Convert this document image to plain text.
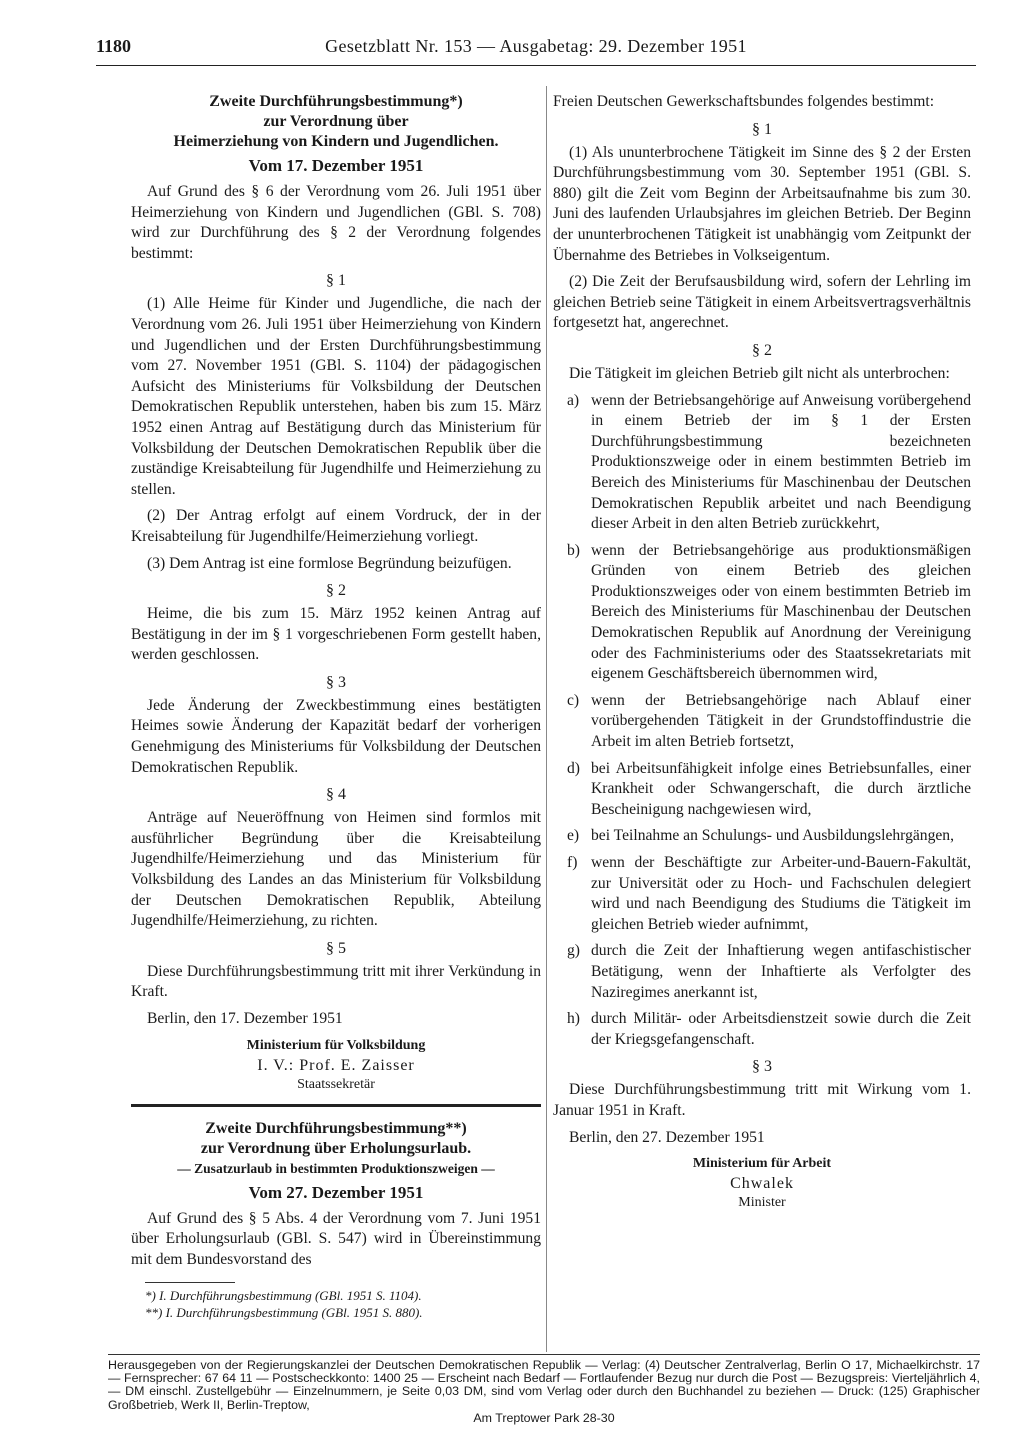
1180	Gesetzblatt Nr. 153 — Ausgabetag: 29. Dezember 1951
Zweite Durchführungsbestimmung*)
zur Verordnung über
Heimerziehung von Kindern und Jugendlichen.
Vom 17. Dezember 1951

Auf Grund des § 6 der Verordnung vom 26. Juli 1951 über Heimerziehung von Kindern und Jugendlichen (GBl. S. 708) wird zur Durchführung des § 2 der Verordnung folgendes bestimmt:

§ 1

(1) Alle Heime für Kinder und Jugendliche, die nach der Verordnung vom 26. Juli 1951 über Heimerziehung von Kindern und Jugendlichen und der Ersten Durchführungsbestimmung vom 27. November 1951 (GBl. S. 1104) der pädagogischen Aufsicht des Ministeriums für Volksbildung der Deutschen Demokratischen Republik unterstehen, haben bis zum 15. März 1952 einen Antrag auf Bestätigung durch das Ministerium für Volksbildung der Deutschen Demokratischen Republik über die zuständige Kreisabteilung für Jugendhilfe und Heimerziehung zu stellen.

(2) Der Antrag erfolgt auf einem Vordruck, der in der Kreisabteilung für Jugendhilfe/Heimerziehung vorliegt.

(3) Dem Antrag ist eine formlose Begründung beizufügen.

§ 2

Heime, die bis zum 15. März 1952 keinen Antrag auf Bestätigung in der im § 1 vorgeschriebenen Form gestellt haben, werden geschlossen.

§ 3

Jede Änderung der Zweckbestimmung eines bestätigten Heimes sowie Änderung der Kapazität bedarf der vorherigen Genehmigung des Ministeriums für Volksbildung der Deutschen Demokratischen Republik.

§ 4

Anträge auf Neueröffnung von Heimen sind formlos mit ausführlicher Begründung über die Kreisabteilung Jugendhilfe/Heimerziehung und das Ministerium für Volksbildung des Landes an das Ministerium für Volksbildung der Deutschen Demokratischen Republik, Abteilung Jugendhilfe/Heimerziehung, zu richten.

§ 5

Diese Durchführungsbestimmung tritt mit ihrer Verkündung in Kraft.

Berlin, den 17. Dezember 1951

Ministerium für Volksbildung
I. V.: Prof. E. Zaisser
Staatssekretär
Zweite Durchführungsbestimmung**)
zur Verordnung über Erholungsurlaub.
— Zusatzurlaub in bestimmten Produktionszweigen —
Vom 27. Dezember 1951

Auf Grund des § 5 Abs. 4 der Verordnung vom 7. Juni 1951 über Erholungsurlaub (GBl. S. 547) wird in Übereinstimmung mit dem Bundesvorstand des

*) I. Durchführungsbestimmung (GBl. 1951 S. 1104).
**) I. Durchführungsbestimmung (GBl. 1951 S. 880).

Freien Deutschen Gewerkschaftsbundes folgendes bestimmt:

§ 1

(1) Als ununterbrochene Tätigkeit im Sinne des § 2 der Ersten Durchführungsbestimmung vom 30. September 1951 (GBl. S. 880) gilt die Zeit vom Beginn der Arbeitsaufnahme bis zum 30. Juni des laufenden Urlaubsjahres im gleichen Betrieb. Der Beginn der ununterbrochenen Tätigkeit ist unabhängig vom Zeitpunkt der Übernahme des Betriebes in Volkseigentum.

(2) Die Zeit der Berufsausbildung wird, sofern der Lehrling im gleichen Betrieb seine Tätigkeit in einem Arbeitsvertragsverhältnis fortgesetzt hat, angerechnet.

§ 2

Die Tätigkeit im gleichen Betrieb gilt nicht als unterbrochen:

a) wenn der Betriebsangehörige auf Anweisung vorübergehend in einem Betrieb der im § 1 der Ersten Durchführungsbestimmung bezeichneten Produktionszweige oder in einem bestimmten Betrieb im Bereich des Ministeriums für Maschinenbau der Deutschen Demokratischen Republik arbeitet und nach Beendigung dieser Arbeit in den alten Betrieb zurückkehrt,
b) wenn der Betriebsangehörige aus produktionsmäßigen Gründen von einem Betrieb des gleichen Produktionszweiges oder von einem bestimmten Betrieb im Bereich des Ministeriums für Maschinenbau der Deutschen Demokratischen Republik auf Anordnung der Vereinigung oder des Fachministeriums oder des Staatssekretariats mit eigenem Geschäftsbereich übernommen wird,
c) wenn der Betriebsangehörige nach Ablauf einer vorübergehenden Tätigkeit in der Grundstoffindustrie die Arbeit im alten Betrieb fortsetzt,
d) bei Arbeitsunfähigkeit infolge eines Betriebsunfalles, einer Krankheit oder Schwangerschaft, die durch ärztliche Bescheinigung nachgewiesen wird,
e) bei Teilnahme an Schulungs- und Ausbildungslehrgängen,
f) wenn der Beschäftigte zur Arbeiter-und-Bauern-Fakultät, zur Universität oder zu Hoch- und Fachschulen delegiert wird und nach Beendigung des Studiums die Tätigkeit im gleichen Betrieb wieder aufnimmt,
g) durch die Zeit der Inhaftierung wegen antifaschistischer Betätigung, wenn der Inhaftierte als Verfolgter des Naziregimes anerkannt ist,
h) durch Militär- oder Arbeitsdienstzeit sowie durch die Zeit der Kriegsgefangenschaft.
§ 3

Diese Durchführungsbestimmung tritt mit Wirkung vom 1. Januar 1951 in Kraft.

Berlin, den 27. Dezember 1951

Ministerium für Arbeit
Chwalek
Minister
Herausgegeben von der Regierungskanzlei der Deutschen Demokratischen Republik — Verlag: (4) Deutscher Zentralverlag, Berlin O 17, Michaelkirchstr. 17 — Fernsprecher: 67 64 11 — Postscheckkonto: 1400 25 — Erscheint nach Bedarf — Fortlaufender Bezug nur durch die Post — Bezugspreis: Vierteljährlich 4,— DM einschl. Zustellgebühr — Einzelnummern, je Seite 0,03 DM, sind vom Verlag oder durch den Buchhandel zu beziehen — Druck: (125) Graphischer Großbetrieb, Werk II, Berlin-Treptow,
Am Treptower Park 28-30
